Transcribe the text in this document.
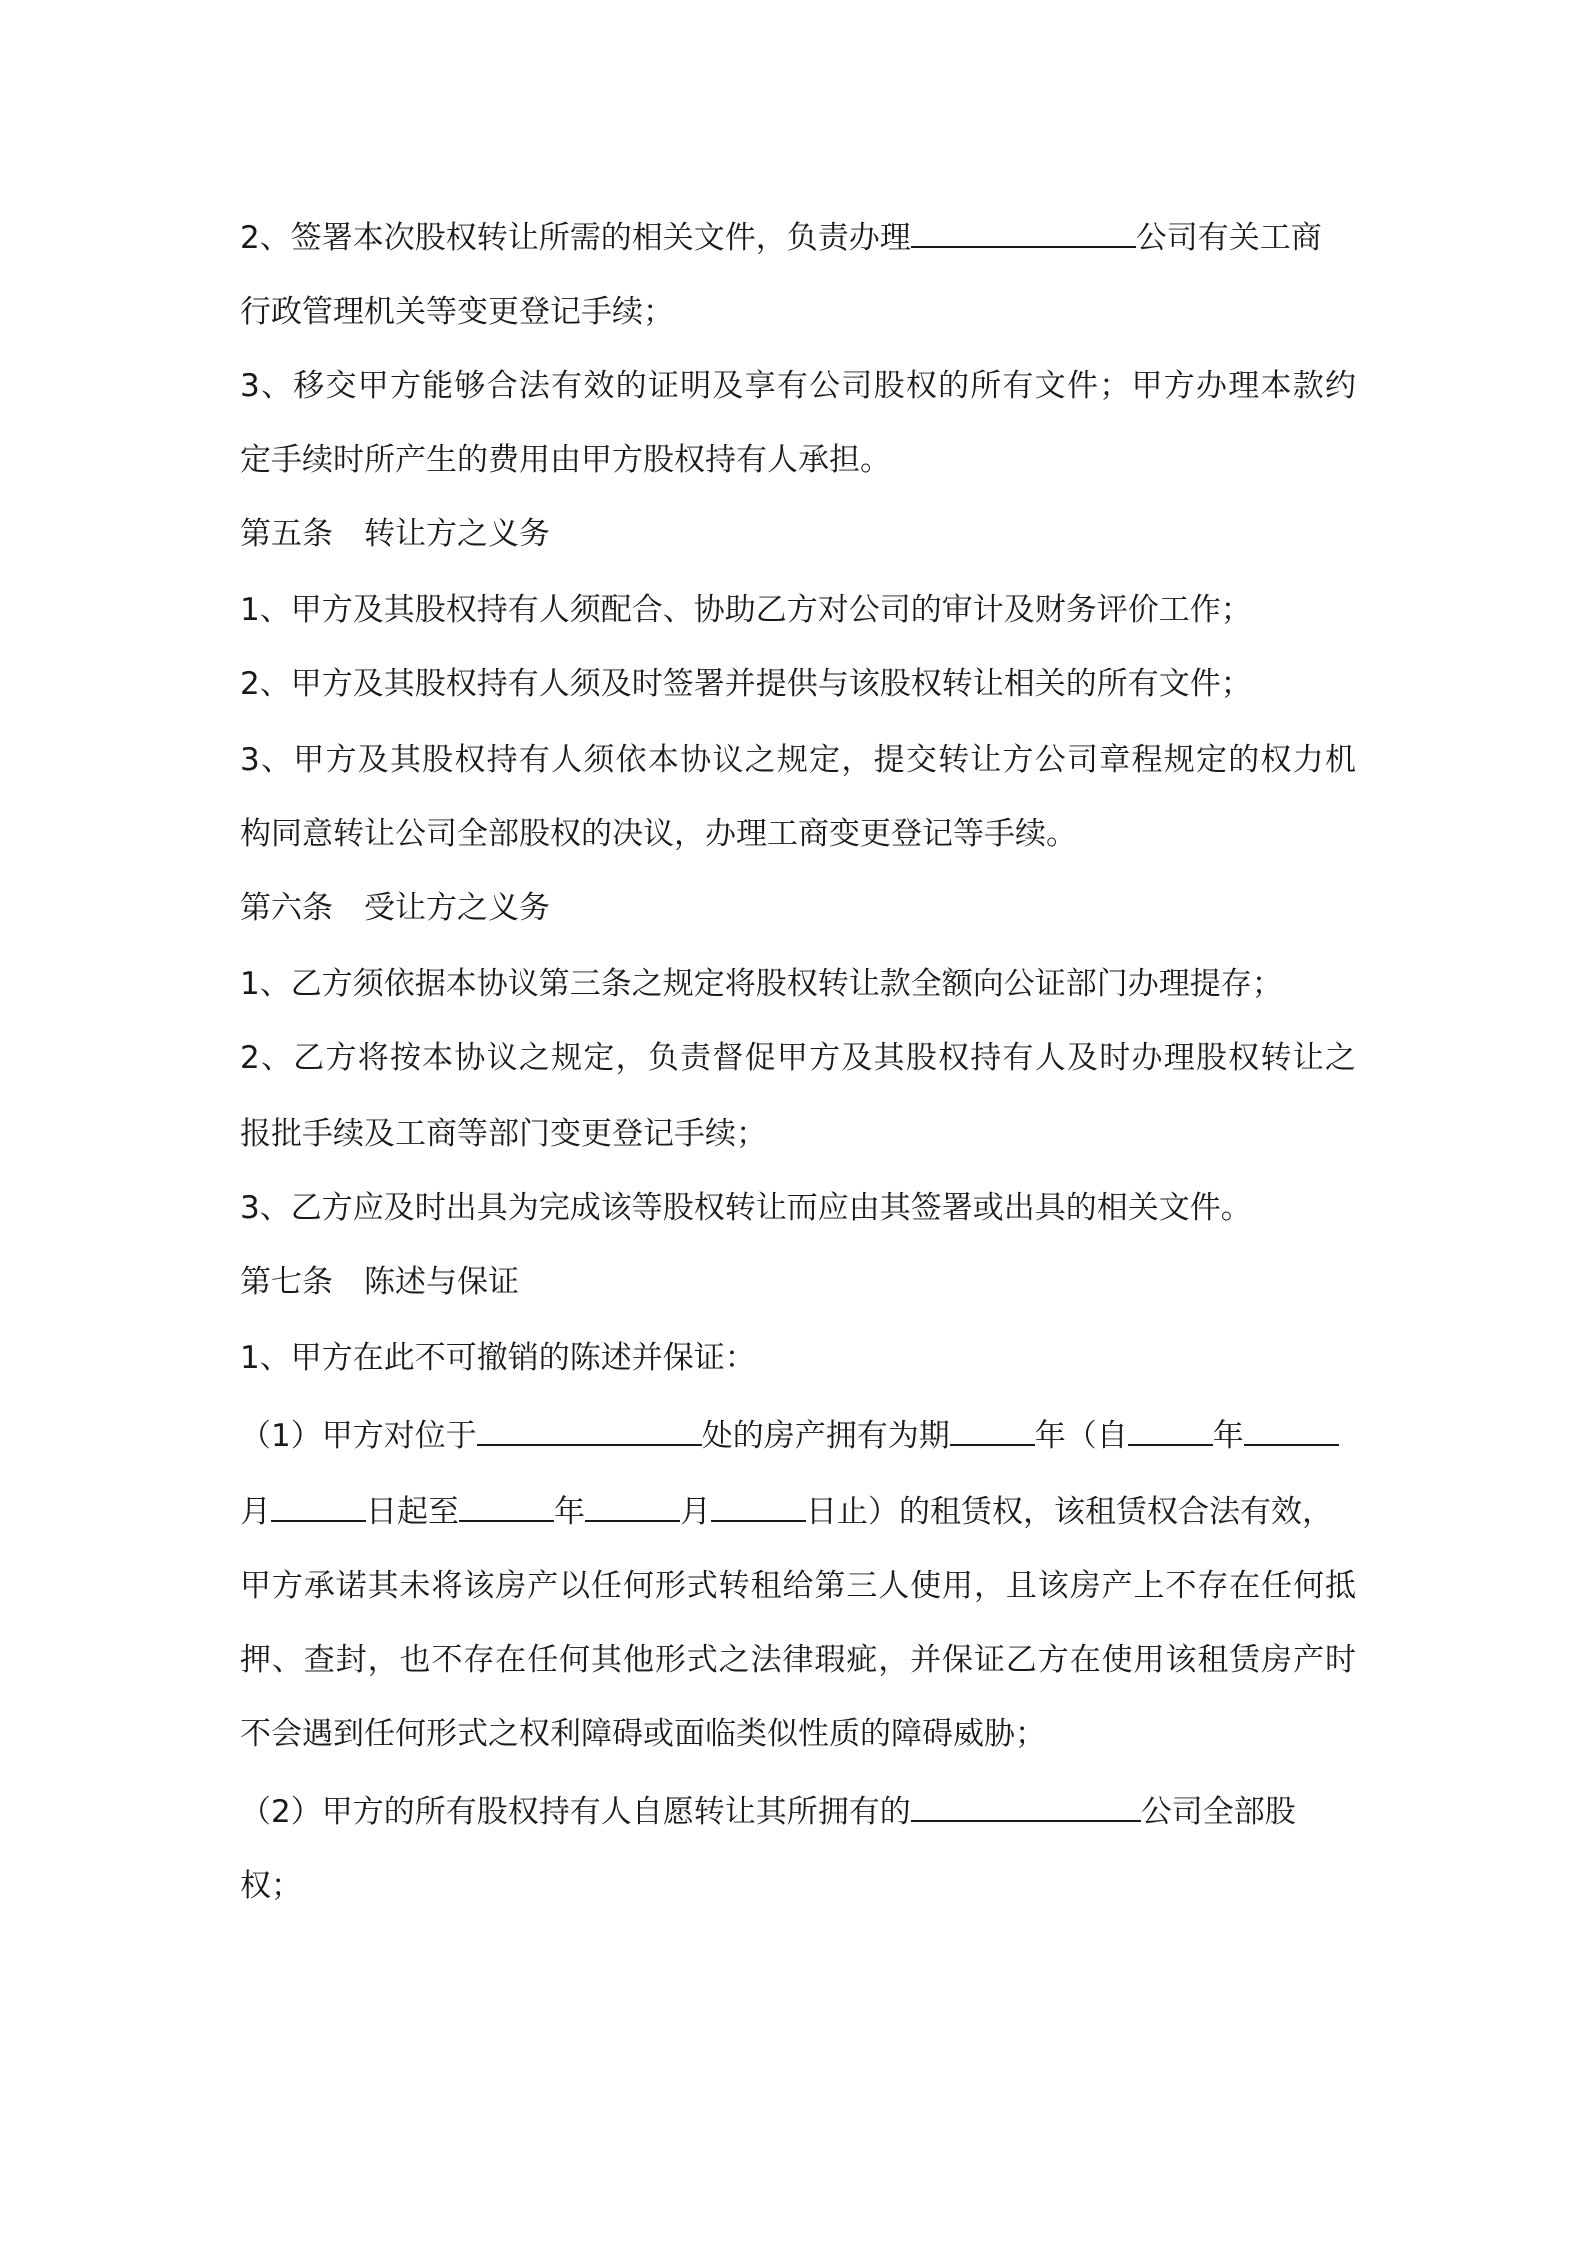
2、签署本次股权转让所需的相关文件，负责办理	公司有关工商
行政管理机关等变更登记手续；
3、移交甲方能够合法有效的证明及享有公司股权的所有文件；甲方办理本款约
定手续时所产生的费用由甲方股权持有人承担。
第五条　转让方之义务
1、甲方及其股权持有人须配合、协助乙方对公司的审计及财务评价工作；
2、甲方及其股权持有人须及时签署并提供与该股权转让相关的所有文件；
3、甲方及其股权持有人须依本协议之规定，提交转让方公司章程规定的权力机
构同意转让公司全部股权的决议，办理工商变更登记等手续。
第六条　受让方之义务
1、乙方须依据本协议第三条之规定将股权转让款全额向公证部门办理提存；
2、乙方将按本协议之规定，负责督促甲方及其股权持有人及时办理股权转让之
报批手续及工商等部门变更登记手续；
3、乙方应及时出具为完成该等股权转让而应由其签署或出具的相关文件。
第七条　陈述与保证
1、甲方在此不可撤销的陈述并保证：
（1）甲方对位于	处的房产拥有为期	年（自	年
月	日起至	年	月	日止）的租赁权，该租赁权合法有效，
甲方承诺其未将该房产以任何形式转租给第三人使用，且该房产上不存在任何抵
押、查封，也不存在任何其他形式之法律瑕疵，并保证乙方在使用该租赁房产时
不会遇到任何形式之权利障碍或面临类似性质的障碍威胁；
（2）甲方的所有股权持有人自愿转让其所拥有的	公司全部股
权；
